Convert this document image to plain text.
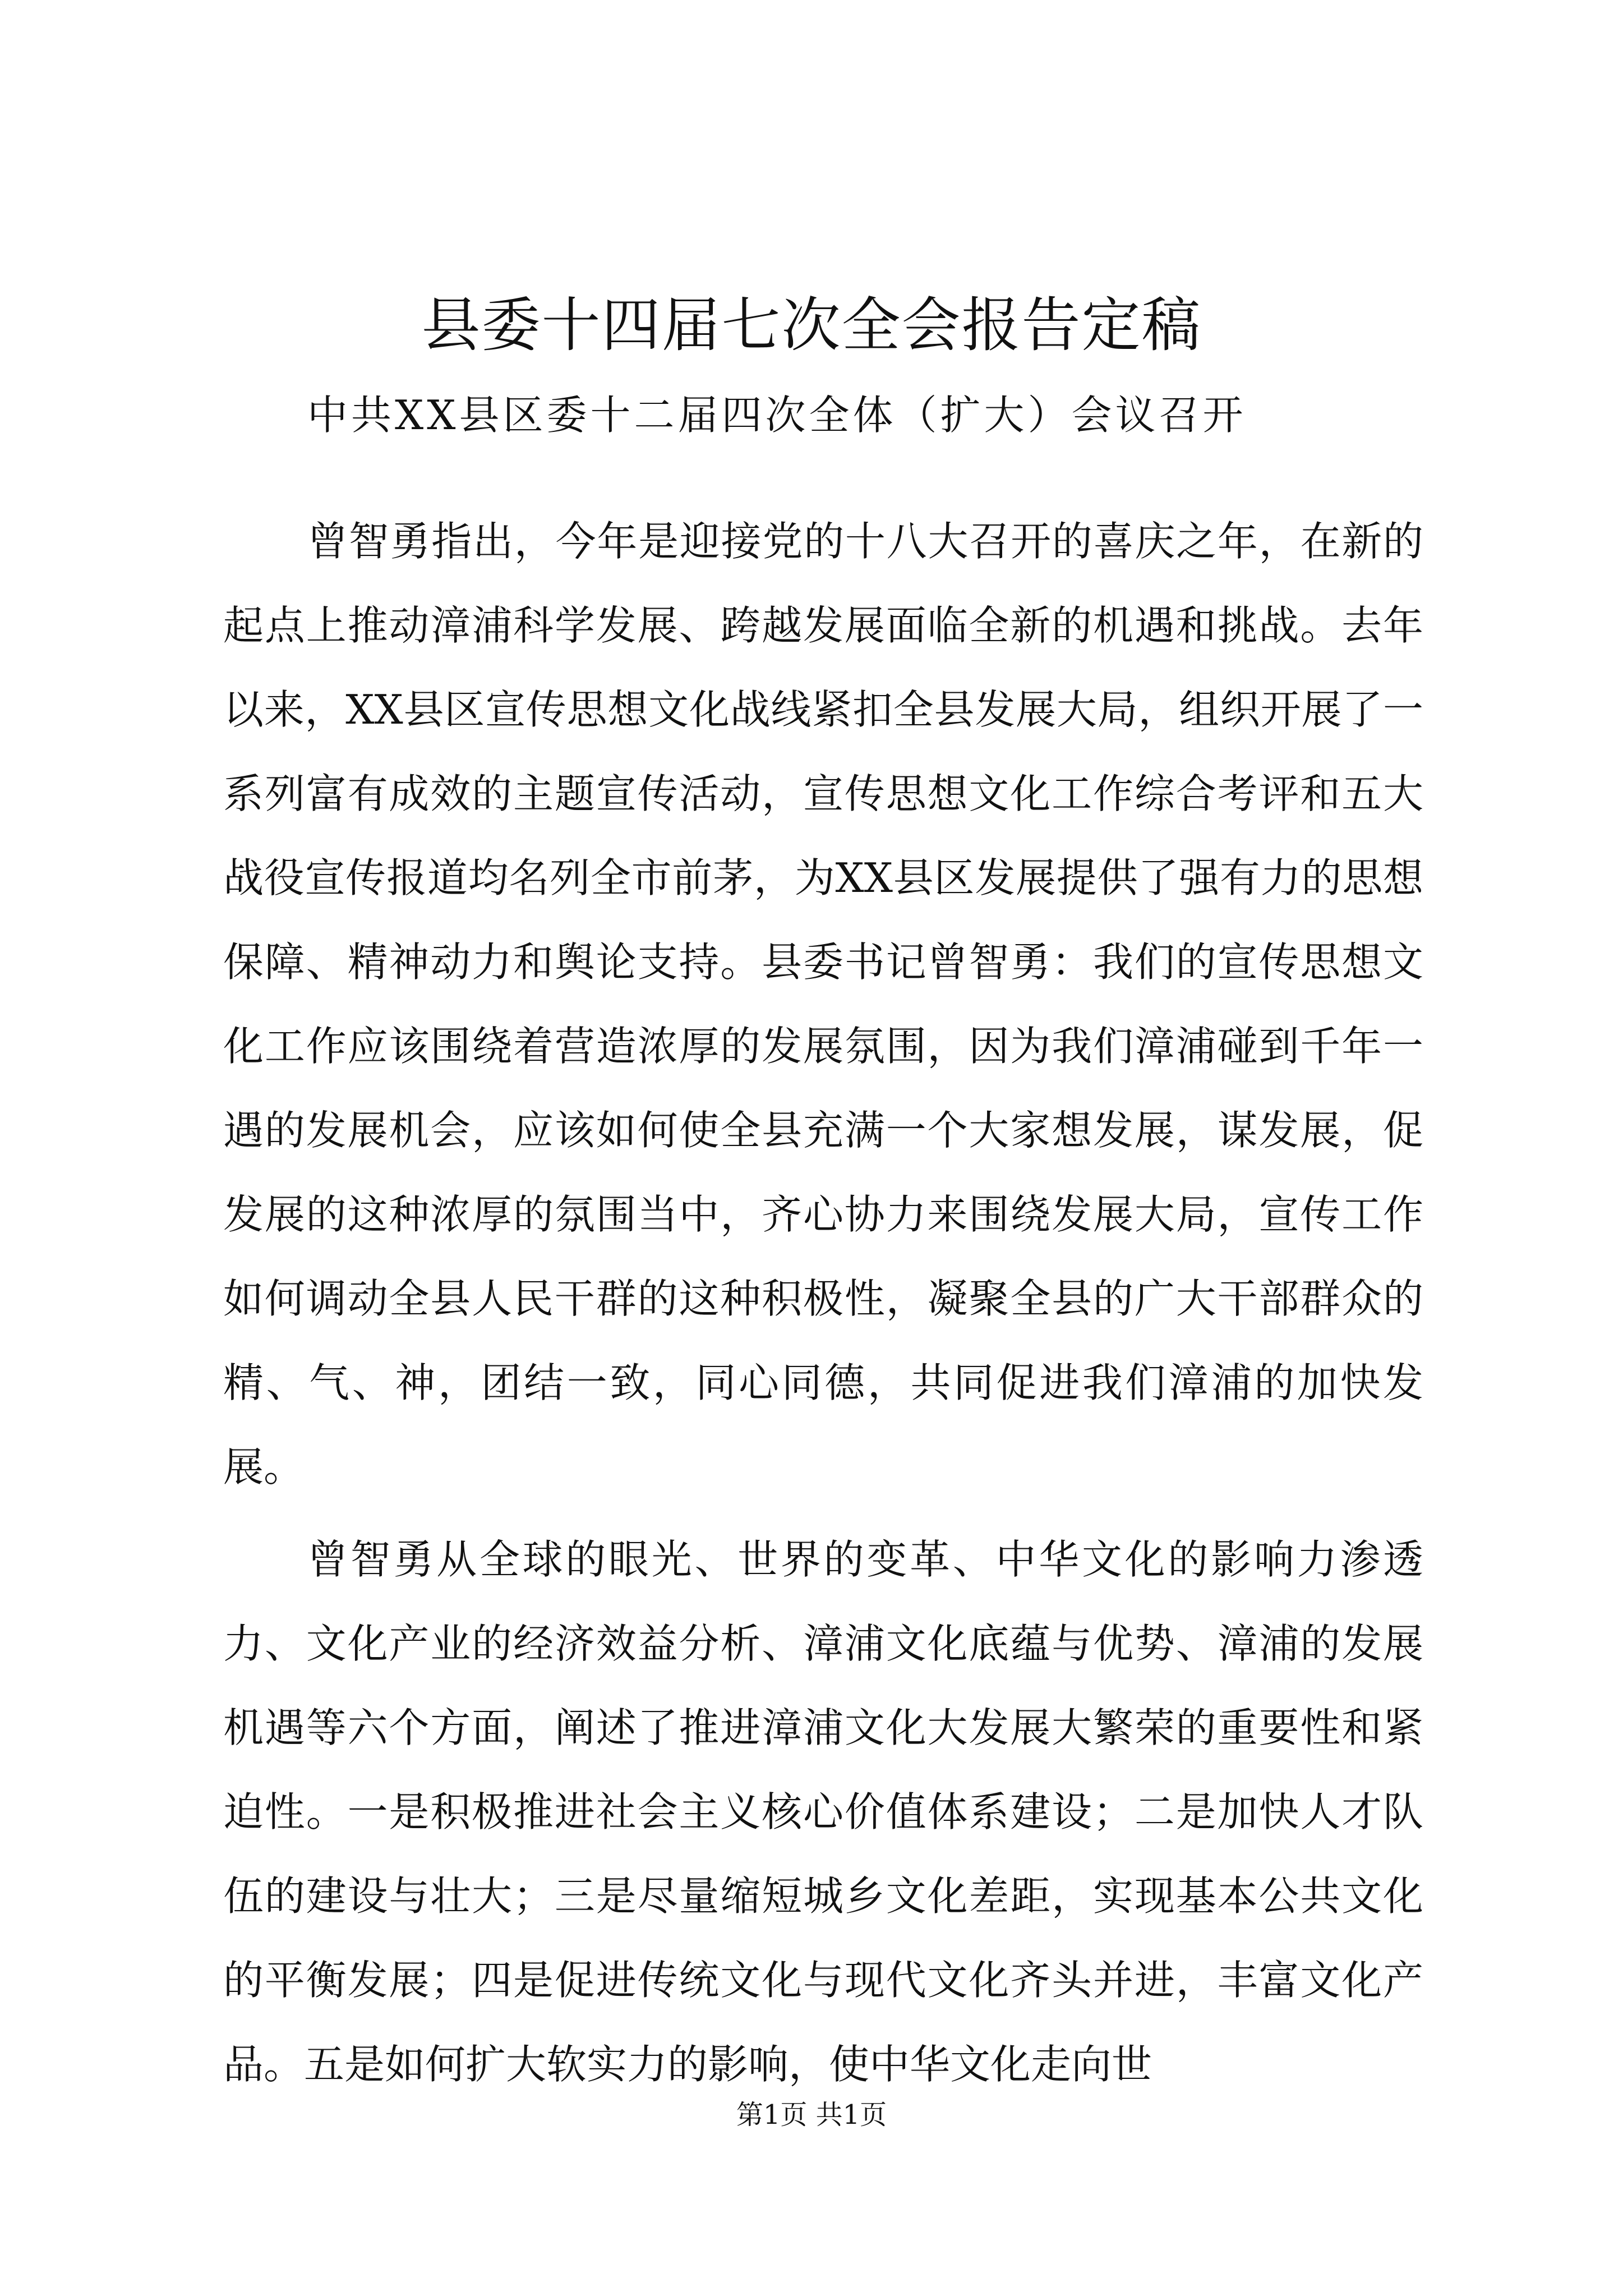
县委十四届七次全会报告定稿
中共XX县区委十二届四次全体（扩大）会议召开

曾智勇指出，今年是迎接党的十八大召开的喜庆之年，在新的起点上推动漳浦科学发展、跨越发展面临全新的机遇和挑战。去年以来，XX县区宣传思想文化战线紧扣全县发展大局，组织开展了一系列富有成效的主题宣传活动，宣传思想文化工作综合考评和五大战役宣传报道均名列全市前茅，为XX县区发展提供了强有力的思想保障、精神动力和舆论支持。县委书记曾智勇：我们的宣传思想文化工作应该围绕着营造浓厚的发展氛围，因为我们漳浦碰到千年一遇的发展机会，应该如何使全县充满一个大家想发展，谋发展，促发展的这种浓厚的氛围当中，齐心协力来围绕发展大局，宣传工作如何调动全县人民干群的这种积极性，凝聚全县的广大干部群众的精、气、神，团结一致，同心同德，共同促进我们漳浦的加快发展。

曾智勇从全球的眼光、世界的变革、中华文化的影响力渗透力、文化产业的经济效益分析、漳浦文化底蕴与优势、漳浦的发展机遇等六个方面，阐述了推进漳浦文化大发展大繁荣的重要性和紧迫性。一是积极推进社会主义核心价值体系建设；二是加快人才队伍的建设与壮大；三是尽量缩短城乡文化差距，实现基本公共文化的平衡发展；四是促进传统文化与现代文化齐头并进，丰富文化产品。五是如何扩大软实力的影响，使中华文化走向世

第1页 共1页
